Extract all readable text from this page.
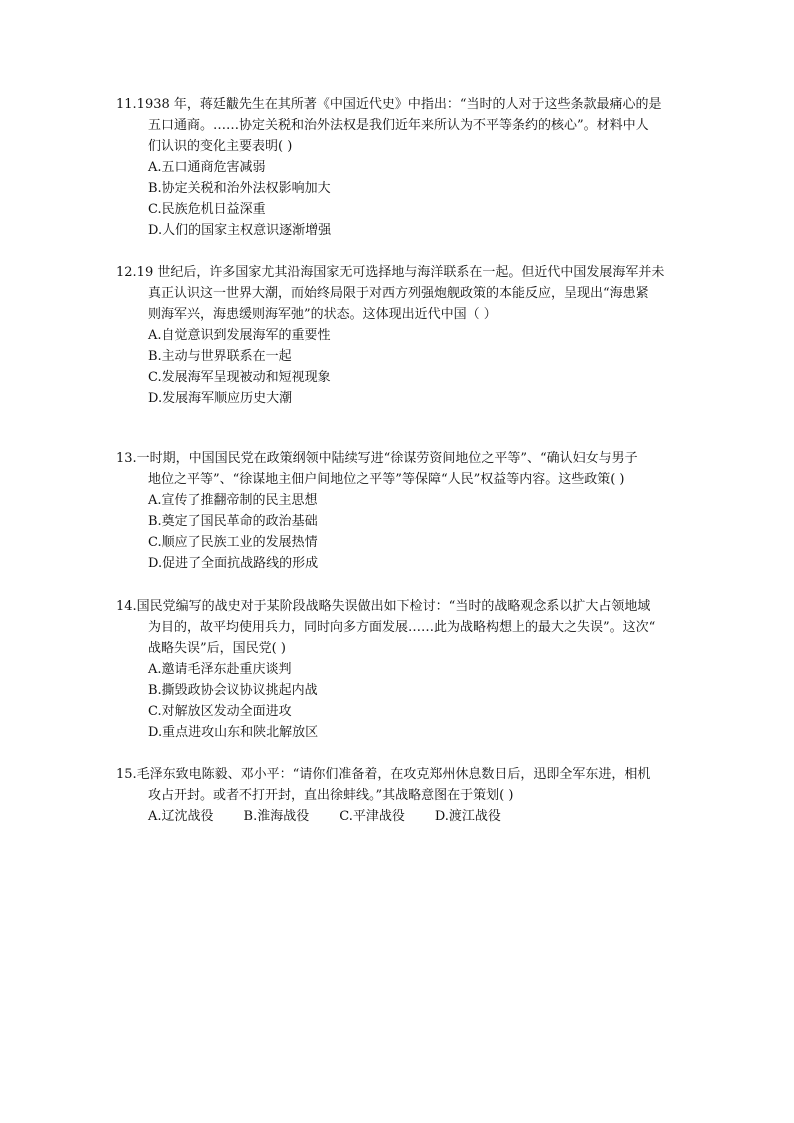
11.1938 年，蒋廷黻先生在其所著《中国近代史》中指出：“当时的人对于这些条款最痛心的是
五口通商。……协定关税和治外法权是我们近年来所认为不平等条约的核心”。材料中人
们认识的变化主要表明( )
A.五口通商危害减弱
B.协定关税和治外法权影响加大
C.民族危机日益深重
D.人们的国家主权意识逐渐增强
12.19 世纪后，许多国家尤其沿海国家无可选择地与海洋联系在一起。但近代中国发展海军并未
真正认识这一世界大潮，而始终局限于对西方列强炮舰政策的本能反应，呈现出“海患紧
则海军兴，海患缓则海军弛”的状态。这体现出近代中国（ ）
A.自觉意识到发展海军的重要性
B.主动与世界联系在一起
C.发展海军呈现被动和短视现象
D.发展海军顺应历史大潮
13.一时期，中国国民党在政策纲领中陆续写进“徐谋劳资间地位之平等”、“确认妇女与男子
地位之平等”、“徐谋地主佃户间地位之平等”等保障“人民”权益等内容。这些政策( )
A.宣传了推翻帝制的民主思想
B.奠定了国民革命的政治基础
C.顺应了民族工业的发展热情
D.促进了全面抗战路线的形成
14.国民党编写的战史对于某阶段战略失误做出如下检讨：“当时的战略观念系以扩大占领地域
为目的，故平均使用兵力，同时向多方面发展……此为战略构想上的最大之失误”。这次“
战略失误”后，国民党( )
A.邀请毛泽东赴重庆谈判
B.撕毁政协会议协议挑起内战
C.对解放区发动全面进攻
D.重点进攻山东和陕北解放区
15.毛泽东致电陈毅、邓小平：“请你们准备着，在攻克郑州休息数日后，迅即全军东进，相机
攻占开封。或者不打开封，直出徐蚌线。”其战略意图在于策划( )
A.辽沈战役 B.淮海战役 C.平津战役 D.渡江战役
